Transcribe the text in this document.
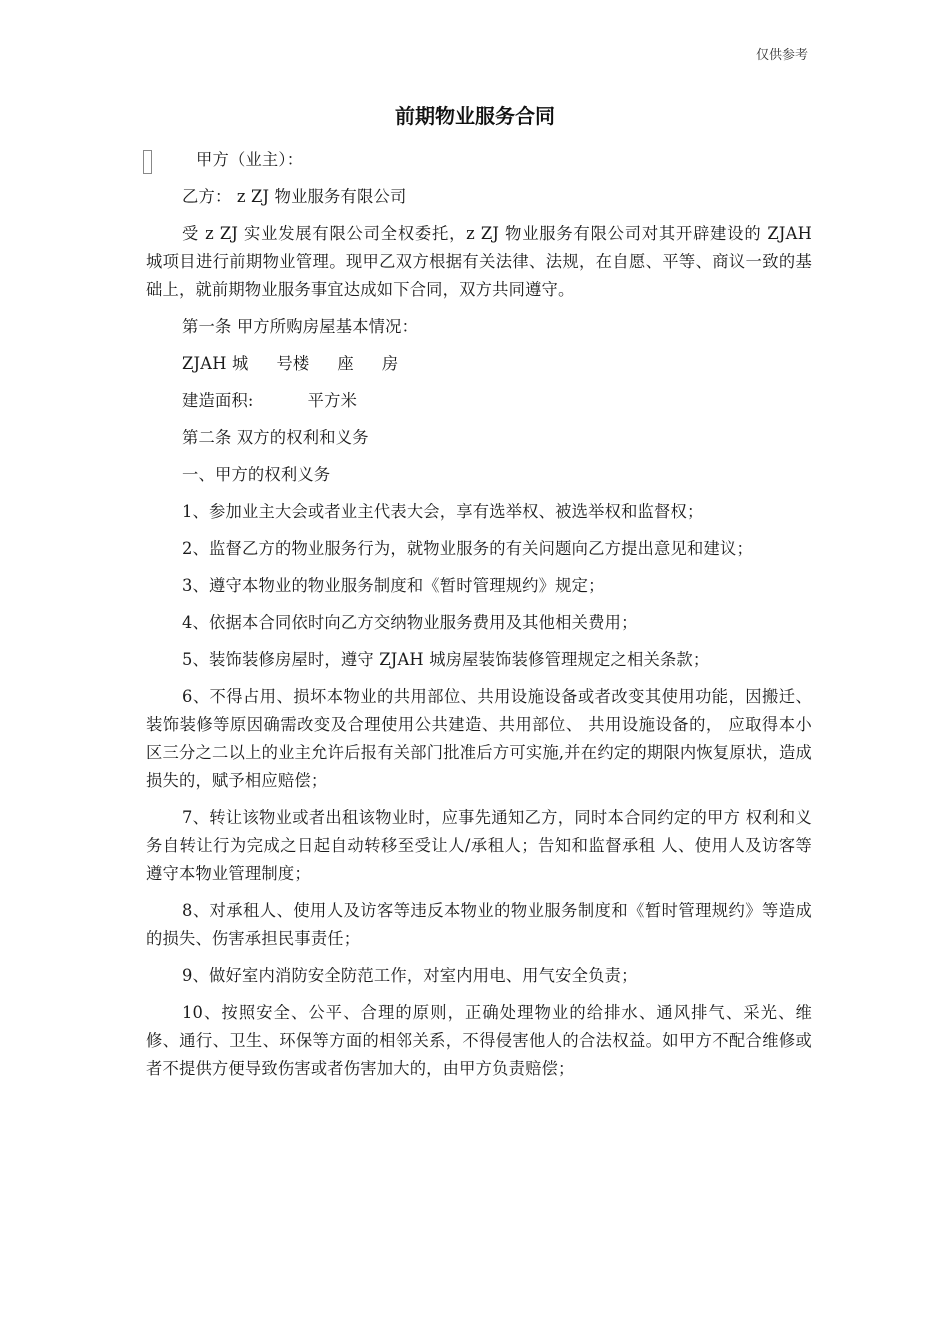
仅供参考
前期物业服务合同

甲方（业主）：

乙方： z ZJ 物业服务有限公司

受 z ZJ 实业发展有限公司全权委托，z ZJ 物业服务有限公司对其开辟建设的 ZJAH 城项目进行前期物业管理。现甲乙双方根据有关法律、法规，在自愿、平等、商议一致的基础上，就前期物业服务事宜达成如下合同，双方共同遵守。

第一条 甲方所购房屋基本情况：

ZJAH 城 号楼 座 房

建造面积:	平方米

第二条 双方的权利和义务

一、甲方的权利义务

1、参加业主大会或者业主代表大会，享有选举权、被选举权和监督权；

2、监督乙方的物业服务行为，就物业服务的有关问题向乙方提出意见和建议；

3、遵守本物业的物业服务制度和《暂时管理规约》规定；

4、依据本合同依时向乙方交纳物业服务费用及其他相关费用；

5、装饰装修房屋时，遵守 ZJAH 城房屋装饰装修管理规定之相关条款；

6、不得占用、损坏本物业的共用部位、共用设施设备或者改变其使用功能，因搬迁、 装饰装修等原因确需改变及合理使用公共建造、共用部位、 共用设施设备的， 应取得本小区三分之二以上的业主允许后报有关部门批准后方可实施,并在约定的期限内恢复原状，造成损失的，赋予相应赔偿；

7、转让该物业或者出租该物业时，应事先通知乙方，同时本合同约定的甲方 权利和义务自转让行为完成之日起自动转移至受让人/承租人；告知和监督承租 人、使用人及访客等遵守本物业管理制度；

8、对承租人、使用人及访客等违反本物业的物业服务制度和《暂时管理规约》等造成的损失、伤害承担民事责任；

9、做好室内消防安全防范工作，对室内用电、用气安全负责；

10、按照安全、公平、合理的原则，正确处理物业的给排水、通风排气、采光、维修、通行、卫生、环保等方面的相邻关系，不得侵害他人的合法权益。如甲方不配合维修或者不提供方便导致伤害或者伤害加大的，由甲方负责赔偿；
